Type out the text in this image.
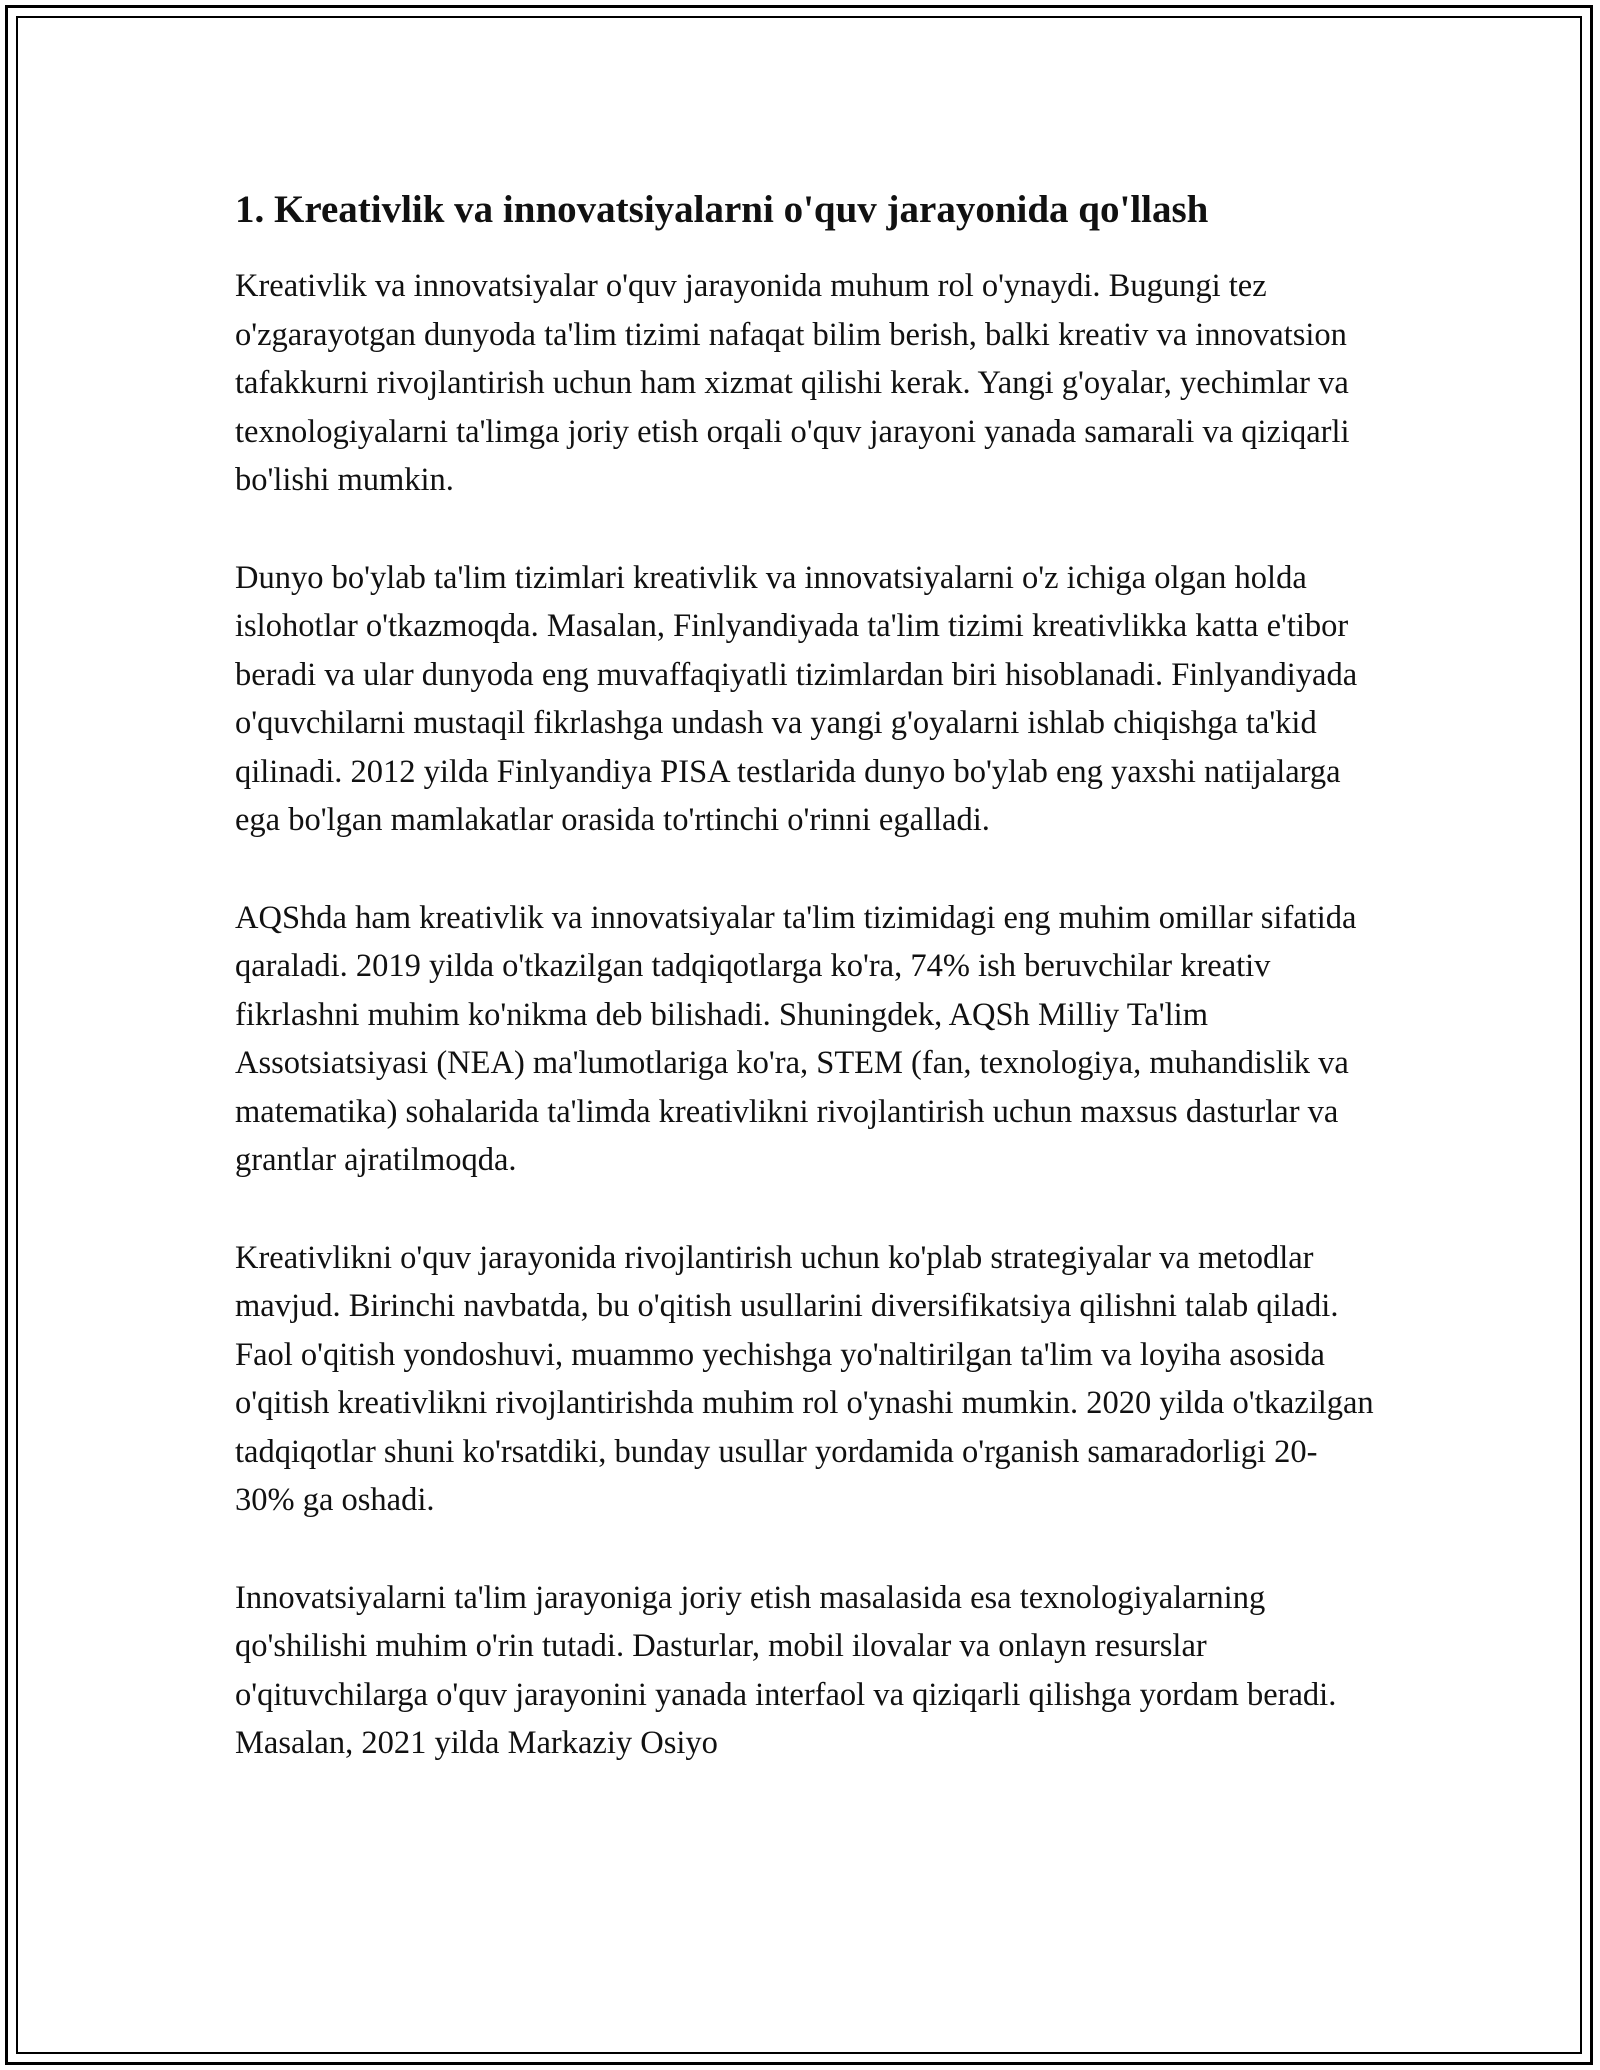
1. Kreativlik va innovatsiyalarni o'quv jarayonida qo'llash

Kreativlik va innovatsiyalar o'quv jarayonida muhum rol o'ynaydi. Bugungi tez o'zgarayotgan dunyoda ta'lim tizimi nafaqat bilim berish, balki kreativ va innovatsion tafakkurni rivojlantirish uchun ham xizmat qilishi kerak. Yangi g'oyalar, yechimlar va texnologiyalarni ta'limga joriy etish orqali o'quv jarayoni yanada samarali va qiziqarli bo'lishi mumkin.

Dunyo bo'ylab ta'lim tizimlari kreativlik va innovatsiyalarni o'z ichiga olgan holda islohotlar o'tkazmoqda. Masalan, Finlyandiyada ta'lim tizimi kreativlikka katta e'tibor beradi va ular dunyoda eng muvaffaqiyatli tizimlardan biri hisoblanadi. Finlyandiyada o'quvchilarni mustaqil fikrlashga undash va yangi g'oyalarni ishlab chiqishga ta'kid qilinadi. 2012 yilda Finlyandiya PISA testlarida dunyo bo'ylab eng yaxshi natijalarga ega bo'lgan mamlakatlar orasida to'rtinchi o'rinni egalladi.

AQShda ham kreativlik va innovatsiyalar ta'lim tizimidagi eng muhim omillar sifatida qaraladi. 2019 yilda o'tkazilgan tadqiqotlarga ko'ra, 74% ish beruvchilar kreativ fikrlashni muhim ko'nikma deb bilishadi. Shuningdek, AQSh Milliy Ta'lim Assotsiatsiyasi (NEA) ma'lumotlariga ko'ra, STEM (fan, texnologiya, muhandislik va matematika) sohalarida ta'limda kreativlikni rivojlantirish uchun maxsus dasturlar va grantlar ajratilmoqda.

Kreativlikni o'quv jarayonida rivojlantirish uchun ko'plab strategiyalar va metodlar mavjud. Birinchi navbatda, bu o'qitish usullarini diversifikatsiya qilishni talab qiladi. Faol o'qitish yondoshuvi, muammo yechishga yo'naltirilgan ta'lim va loyiha asosida o'qitish kreativlikni rivojlantirishda muhim rol o'ynashi mumkin. 2020 yilda o'tkazilgan tadqiqotlar shuni ko'rsatdiki, bunday usullar yordamida o'rganish samaradorligi 20-30% ga oshadi.

Innovatsiyalarni ta'lim jarayoniga joriy etish masalasida esa texnologiyalarning qo'shilishi muhim o'rin tutadi. Dasturlar, mobil ilovalar va onlayn resurslar o'qituvchilarga o'quv jarayonini yanada interfaol va qiziqarli qilishga yordam beradi. Masalan, 2021 yilda Markaziy Osiyo
